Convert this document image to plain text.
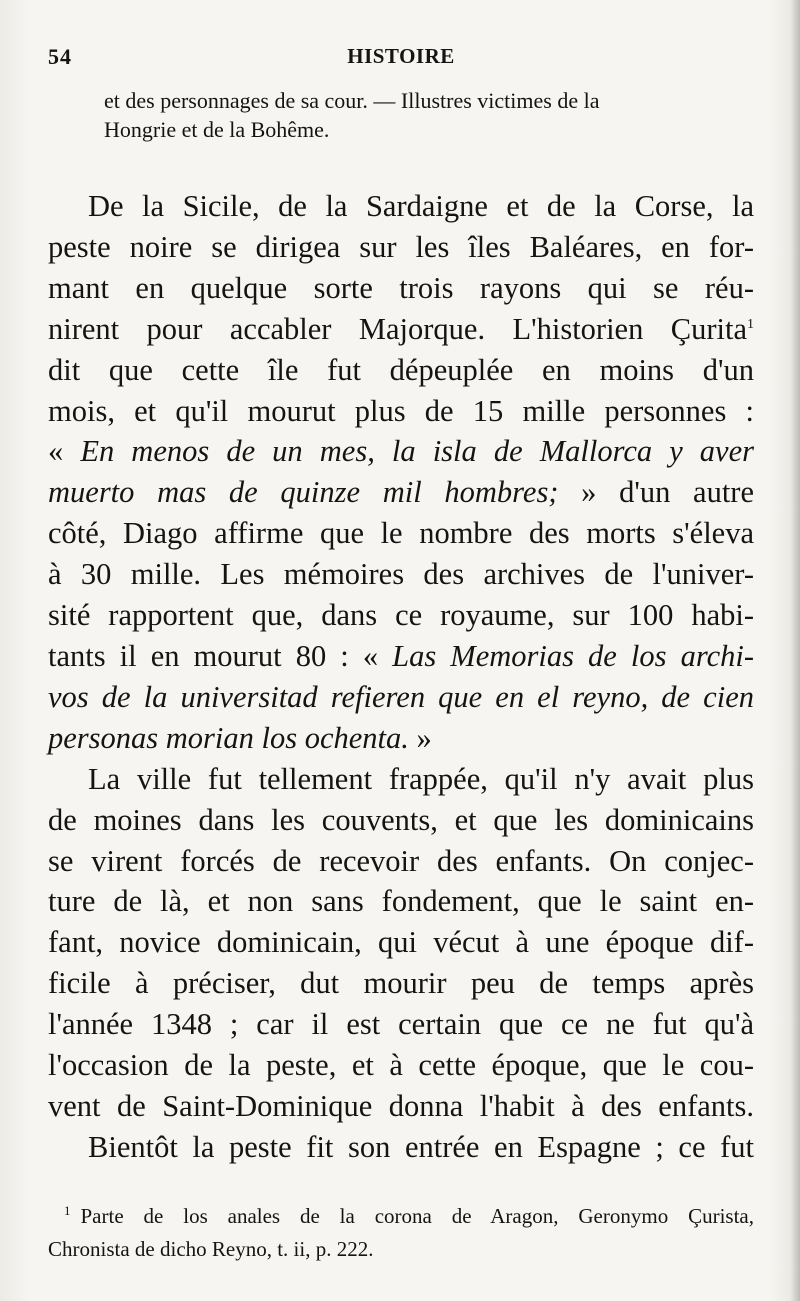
54	HISTOIRE
et des personnages de sa cour. — Illustres victimes de la
Hongrie et de la Bohême.
De la Sicile, de la Sardaigne et de la Corse, la
peste noire se dirigea sur les îles Baléares, en for-
mant en quelque sorte trois rayons qui se réu-
nirent pour accabler Majorque. L'historien Çurita$^1$
dit que cette île fut dépeuplée en moins d'un
mois, et qu'il mourut plus de 15 mille personnes :
« En menos de un mes, la isla de Mallorca y aver
muerto mas de quinze mil hombres; » d'un autre
côté, Diago affirme que le nombre des morts s'éleva
à 30 mille. Les mémoires des archives de l'univer-
sité rapportent que, dans ce royaume, sur 100 habi-
tants il en mourut 80 : « Las Memorias de los archi-
vos de la universitad refieren que en el reyno, de cien
personas morian los ochenta. »
La ville fut tellement frappée, qu'il n'y avait plus
de moines dans les couvents, et que les dominicains
se virent forcés de recevoir des enfants. On conjec-
ture de là, et non sans fondement, que le saint en-
fant, novice dominicain, qui vécut à une époque dif-
ficile à préciser, dut mourir peu de temps après
l'année 1348 ; car il est certain que ce ne fut qu'à
l'occasion de la peste, et à cette époque, que le cou-
vent de Saint-Dominique donna l'habit à des enfants.
Bientôt la peste fit son entrée en Espagne ; ce fut
$^1$ Parte de los anales de la corona de Aragon, Geronymo Çurista,
Chronista de dicho Reyno, t. ii, p. 222.
